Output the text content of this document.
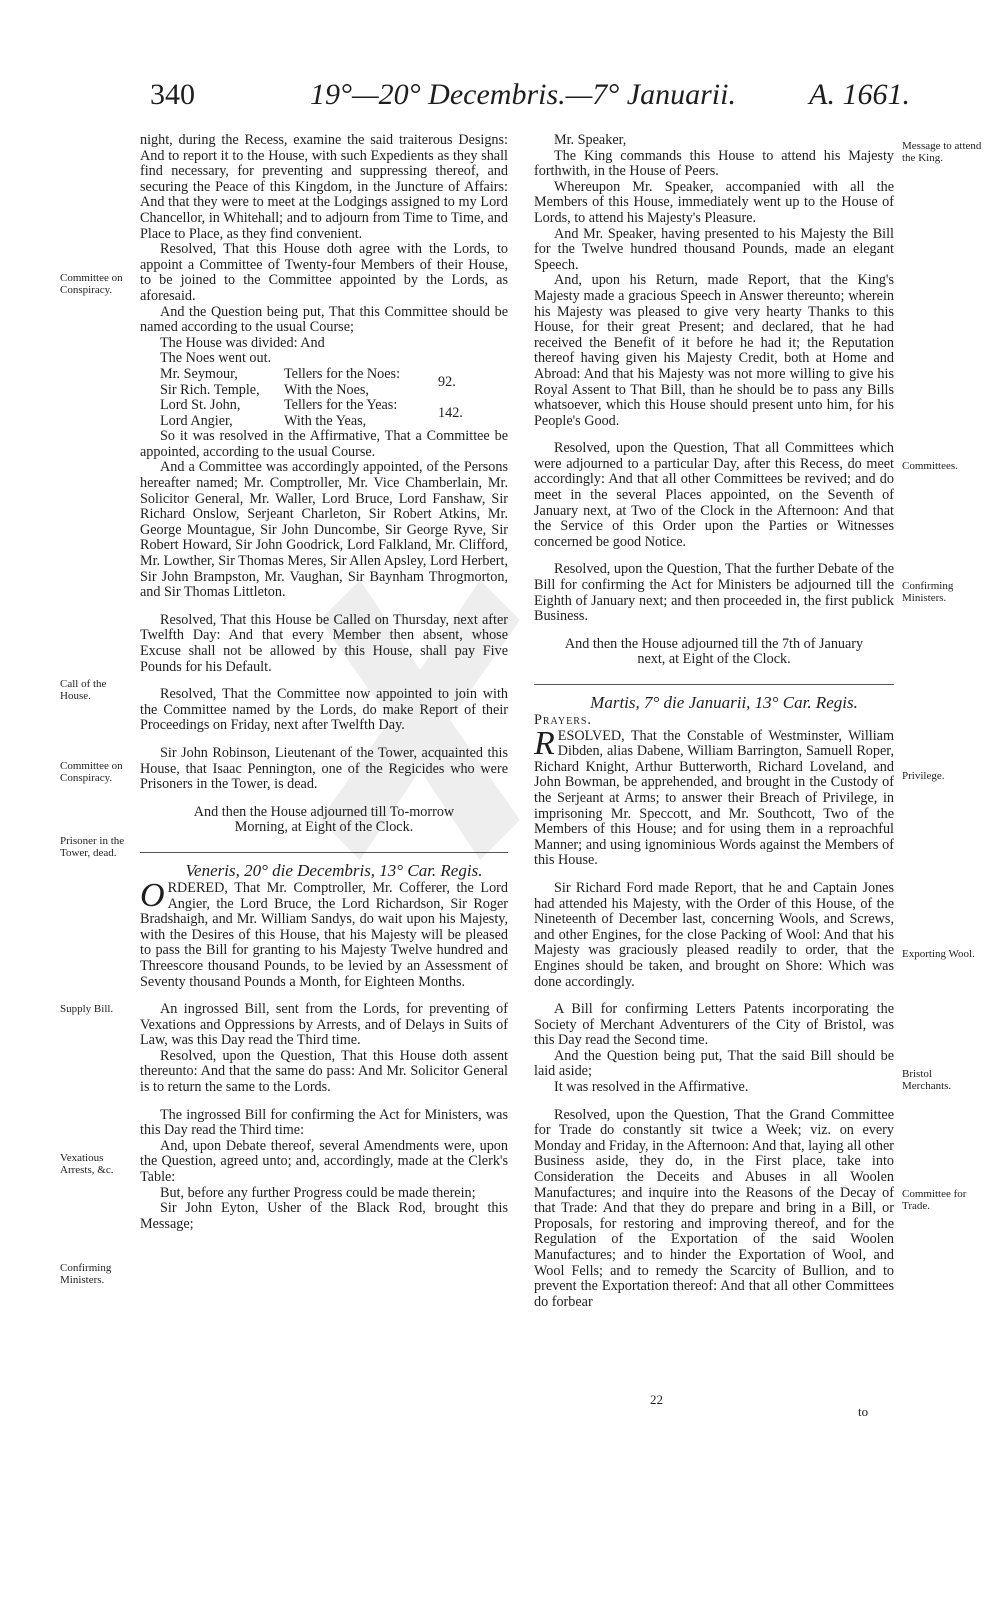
340	19°—20° Decembris.—7° Januarii. A. 1661.
Committee on Conspiracy.
Call of the House.
Committee on Conspiracy.
Prisoner in the Tower, dead.
Supply Bill.
Vexatious Arrests, &c.
Confirming Ministers.
Message to attend the King.
Committees.
Confirming Ministers.
Privilege.
Exporting Wool.
Bristol Merchants.
Committee for Trade.

night, during the Recess, examine the said traiterous Designs: And to report it to the House, with such Expedients as they shall find necessary, for preventing and suppressing thereof, and securing the Peace of this Kingdom, in the Juncture of Affairs: And that they were to meet at the Lodgings assigned to my Lord Chancellor, in Whitehall; and to adjourn from Time to Time, and Place to Place, as they find convenient.

Resolved, That this House doth agree with the Lords, to appoint a Committee of Twenty-four Members of their House, to be joined to the Committee appointed by the Lords, as aforesaid.

And the Question being put, That this Committee should be named according to the usual Course;

The House was divided: And

The Noes went out.

Mr. Seymour,	Tellers for the Noes:	92.
Sir Rich. Temple,	With the Noes,
Lord St. John,	Tellers for the Yeas:	142.
Lord Angier,	With the Yeas,

So it was resolved in the Affirmative, That a Committee be appointed, according to the usual Course.

And a Committee was accordingly appointed, of the Persons hereafter named; Mr. Comptroller, Mr. Vice Chamberlain, Mr. Solicitor General, Mr. Waller, Lord Bruce, Lord Fanshaw, Sir Richard Onslow, Serjeant Charleton, Sir Robert Atkins, Mr. George Mountague, Sir John Duncombe, Sir George Ryve, Sir Robert Howard, Sir John Goodrick, Lord Falkland, Mr. Clifford, Mr. Lowther, Sir Thomas Meres, Sir Allen Apsley, Lord Herbert, Sir John Brampston, Mr. Vaughan, Sir Baynham Throgmorton, and Sir Thomas Littleton.

Resolved, That this House be Called on Thursday, next after Twelfth Day: And that every Member then absent, whose Excuse shall not be allowed by this House, shall pay Five Pounds for his Default.

Resolved, That the Committee now appointed to join with the Committee named by the Lords, do make Report of their Proceedings on Friday, next after Twelfth Day.

Sir John Robinson, Lieutenant of the Tower, acquainted this House, that Isaac Pennington, one of the Regicides who were Prisoners in the Tower, is dead.

And then the House adjourned till To-morrow Morning, at Eight of the Clock.

Veneris, 20° die Decembris, 13° Car. Regis.

ORDERED, That Mr. Comptroller, Mr. Cofferer, the Lord Angier, the Lord Bruce, the Lord Richardson, Sir Roger Bradshaigh, and Mr. William Sandys, do wait upon his Majesty, with the Desires of this House, that his Majesty will be pleased to pass the Bill for granting to his Majesty Twelve hundred and Threescore thousand Pounds, to be levied by an Assessment of Seventy thousand Pounds a Month, for Eighteen Months.

An ingrossed Bill, sent from the Lords, for preventing of Vexations and Oppressions by Arrests, and of Delays in Suits of Law, was this Day read the Third time.

Resolved, upon the Question, That this House doth assent thereunto: And that the same do pass: And Mr. Solicitor General is to return the same to the Lords.

The ingrossed Bill for confirming the Act for Ministers, was this Day read the Third time:

And, upon Debate thereof, several Amendments were, upon the Question, agreed unto; and, accordingly, made at the Clerk's Table:

But, before any further Progress could be made therein;

Sir John Eyton, Usher of the Black Rod, brought this Message;

Mr. Speaker,

The King commands this House to attend his Majesty forthwith, in the House of Peers.

Whereupon Mr. Speaker, accompanied with all the Members of this House, immediately went up to the House of Lords, to attend his Majesty's Pleasure.

And Mr. Speaker, having presented to his Majesty the Bill for the Twelve hundred thousand Pounds, made an elegant Speech.

And, upon his Return, made Report, that the King's Majesty made a gracious Speech in Answer thereunto; wherein his Majesty was pleased to give very hearty Thanks to this House, for their great Present; and declared, that he had received the Benefit of it before he had it; the Reputation thereof having given his Majesty Credit, both at Home and Abroad: And that his Majesty was not more willing to give his Royal Assent to That Bill, than he should be to pass any Bills whatsoever, which this House should present unto him, for his People's Good.

Resolved, upon the Question, That all Committees which were adjourned to a particular Day, after this Recess, do meet accordingly: And that all other Committees be revived; and do meet in the several Places appointed, on the Seventh of January next, at Two of the Clock in the Afternoon: And that the Service of this Order upon the Parties or Witnesses concerned be good Notice.

Resolved, upon the Question, That the further Debate of the Bill for confirming the Act for Ministers be adjourned till the Eighth of January next; and then proceeded in, the first publick Business.

And then the House adjourned till the 7th of January next, at Eight of the Clock.

Martis, 7° die Januarii, 13° Car. Regis.

Prayers.

RESOLVED, That the Constable of Westminster, William Dibden, alias Dabene, William Barrington, Samuell Roper, Richard Knight, Arthur Butterworth, Richard Loveland, and John Bowman, be apprehended, and brought in the Custody of the Serjeant at Arms; to answer their Breach of Privilege, in imprisoning Mr. Speccott, and Mr. Southcott, Two of the Members of this House; and for using them in a reproachful Manner; and using ignominious Words against the Members of this House.

Sir Richard Ford made Report, that he and Captain Jones had attended his Majesty, with the Order of this House, of the Nineteenth of December last, concerning Wools, and Screws, and other Engines, for the close Packing of Wool: And that his Majesty was graciously pleased readily to order, that the Engines should be taken, and brought on Shore: Which was done accordingly.

A Bill for confirming Letters Patents incorporating the Society of Merchant Adventurers of the City of Bristol, was this Day read the Second time.

And the Question being put, That the said Bill should be laid aside;

It was resolved in the Affirmative.

Resolved, upon the Question, That the Grand Committee for Trade do constantly sit twice a Week; viz. on every Monday and Friday, in the Afternoon: And that, laying all other Business aside, they do, in the First place, take into Consideration the Deceits and Abuses in all Woolen Manufactures; and inquire into the Reasons of the Decay of that Trade: And that they do prepare and bring in a Bill, or Proposals, for restoring and improving thereof, and for the Regulation of the Exportation of the said Woolen Manufactures; and to hinder the Exportation of Wool, and Wool Fells; and to remedy the Scarcity of Bullion, and to prevent the Exportation thereof: And that all other Committees do forbear

22
to
